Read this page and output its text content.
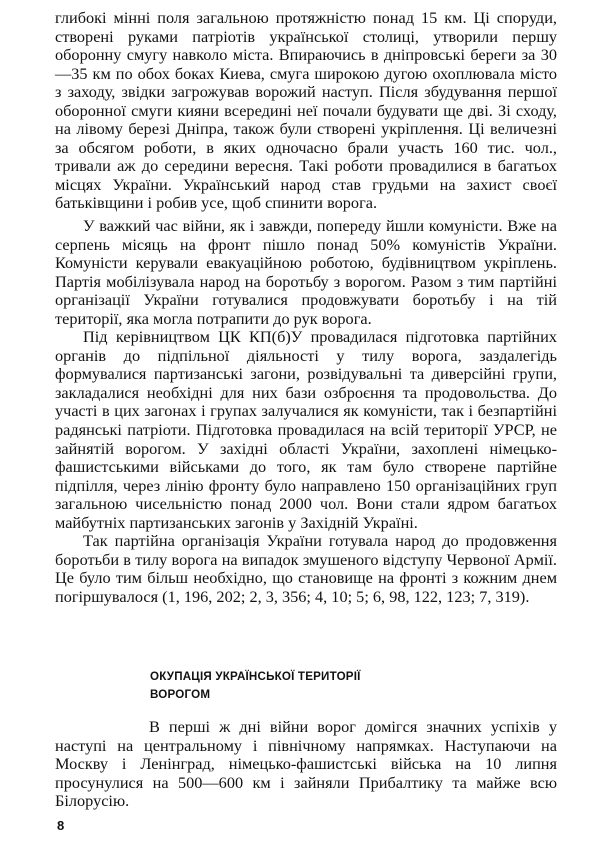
глибокі мінні поля загальною протяжністю понад 15 км. Ці споруди, створені руками патріотів української столиці, утворили першу оборонну смугу навколо міста. Впираючись в дніпровські береги за 30—35 км по обох боках Киева, смуга широкою дугою охоплювала місто з заходу, звідки загрожував ворожий наступ. Після збудування першої оборонної смуги кияни всередині неї почали будувати ще дві. Зі сходу, на лівому березі Дніпра, також були створені укріплення. Ці величезні за обсягом роботи, в яких одночасно брали участь 160 тис. чол., тривали аж до середини вересня. Такі роботи провадилися в багатьох місцях України. Український народ став грудьми на захист своєї батьківщини і робив усе, щоб спинити ворога.

У важкий час війни, як і завжди, попереду йшли комуністи. Вже на серпень місяць на фронт пішло понад 50% комуністів України. Комуністи керували евакуаційною роботою, будівництвом укріплень. Партія мобілізувала народ на боротьбу з ворогом. Разом з тим партійні організації України готувалися продовжувати боротьбу і на тій території, яка могла потрапити до рук ворога.

Під керівництвом ЦК КП(б)У провадилася підготовка партійних органів до підпільної діяльності у тилу ворога, заздалегідь формувалися партизанські загони, розвідувальні та диверсійні групи, закладалися необхідні для них бази озброєння та продовольства. До участі в цих загонах і групах залучалися як комуністи, так і безпартійні радянські патріоти. Підготовка провадилася на всій території УРСР, не зайнятій ворогом. У західні області України, захоплені німецько-фашистськими військами до того, як там було створене партійне підпілля, через лінію фронту було направлено 150 організаційних груп загальною чисельністю понад 2000 чол. Вони стали ядром багатьох майбутніх партизанських загонів у Західній Україні.

Так партійна організація України готувала народ до продовження боротьби в тилу ворога на випадок змушеного відступу Червоної Армії. Це було тим більш необхідно, що становище на фронті з кожним днем погіршувалося (1, 196, 202; 2, 3, 356; 4, 10; 5; 6, 98, 122, 123; 7, 319).

ОКУПАЦІЯ УКРАЇНСЬКОЇ ТЕРИТОРІЇ
ВОРОГОМ

В перші ж дні війни ворог домігся значних успіхів у наступі на центральному і північному напрямках. Наступаючи на Москву і Ленінград, німецько-фашистські війська на 10 липня просунулися на 500—600 км і зайняли Прибалтику та майже всю Білорусію.

8
